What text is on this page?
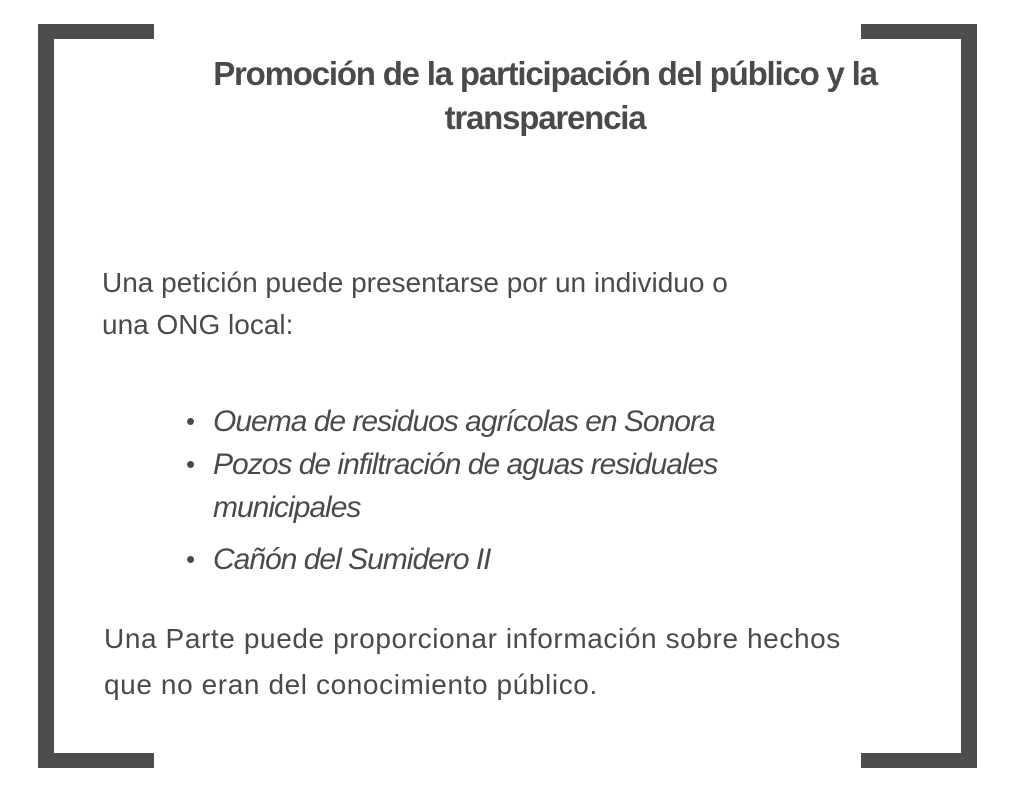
Promoción de la participación del público y la transparencia

Una petición puede presentarse por un individuo o una ONG local:

• Ouema de residuos agrícolas en Sonora
• Pozos de infiltración de aguas residuales municipales
• Cañón del Sumidero II

Una Parte puede proporcionar información sobre hechos que no eran del conocimiento público.
